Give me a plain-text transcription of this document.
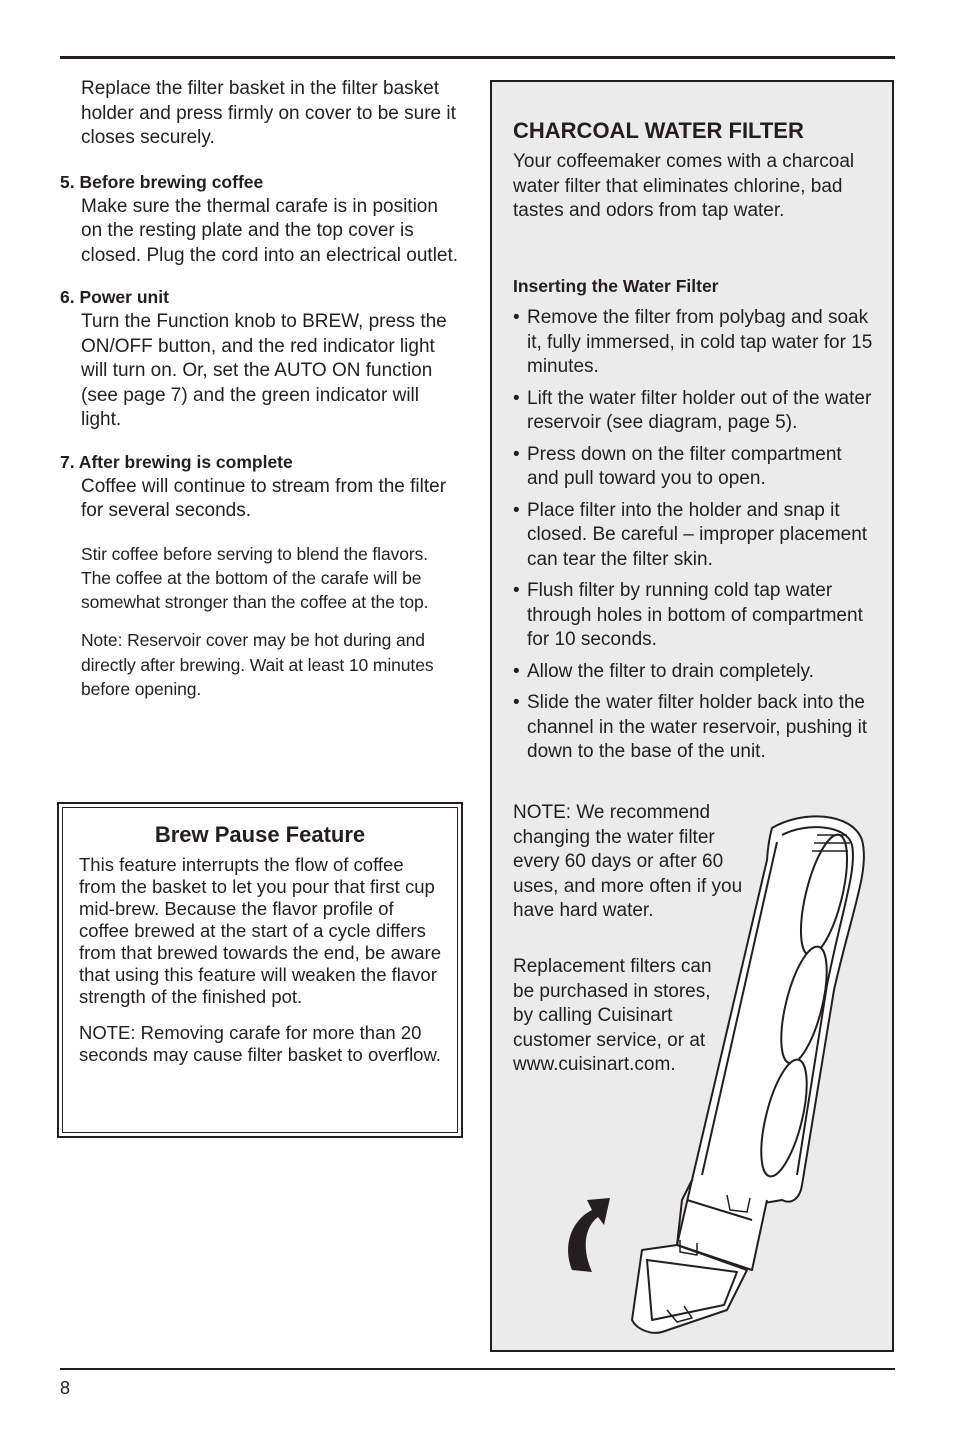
Replace the filter basket in the filter basket holder and press firmly on cover to be sure it closes securely.

5. Before brewing coffee

Make sure the thermal carafe is in position on the resting plate and the top cover is closed. Plug the cord into an electrical outlet.

6. Power unit

Turn the Function knob to BREW, press the ON/OFF button, and the red indicator light will turn on. Or, set the AUTO ON function (see page 7) and the green indicator will light.

7. After brewing is complete

Coffee will continue to stream from the filter for several seconds.

Stir coffee before serving to blend the flavors. The coffee at the bottom of the carafe will be somewhat stronger than the coffee at the top.

Note: Reservoir cover may be hot during and directly after brewing. Wait at least 10 minutes before opening.

Brew Pause Feature

This feature interrupts the flow of coffee from the basket to let you pour that first cup mid-brew. Because the flavor profile of coffee brewed at the start of a cycle differs from that brewed towards the end, be aware that using this feature will weaken the flavor strength of the finished pot.

NOTE: Removing carafe for more than 20 seconds may cause filter basket to overflow.

CHARCOAL WATER FILTER

Your coffeemaker comes with a charcoal water filter that eliminates chlorine, bad tastes and odors from tap water.

Inserting the Water Filter

• Remove the filter from polybag and soak it, fully immersed, in cold tap water for 15 minutes.
• Lift the water filter holder out of the water reservoir (see diagram, page 5).
• Press down on the filter compartment and pull toward you to open.
• Place filter into the holder and snap it closed. Be careful – improper placement can tear the filter skin.
• Flush filter by running cold tap water through holes in bottom of compartment for 10 seconds.
• Allow the filter to drain completely.
• Slide the water filter holder back into the channel in the water reservoir, pushing it down to the base of the unit.

NOTE: We recommend changing the water filter every 60 days or after 60 uses, and more often if you have hard water.

Replacement filters can be purchased in stores, by calling Cuisinart customer service, or at www.cuisinart.com.

8
